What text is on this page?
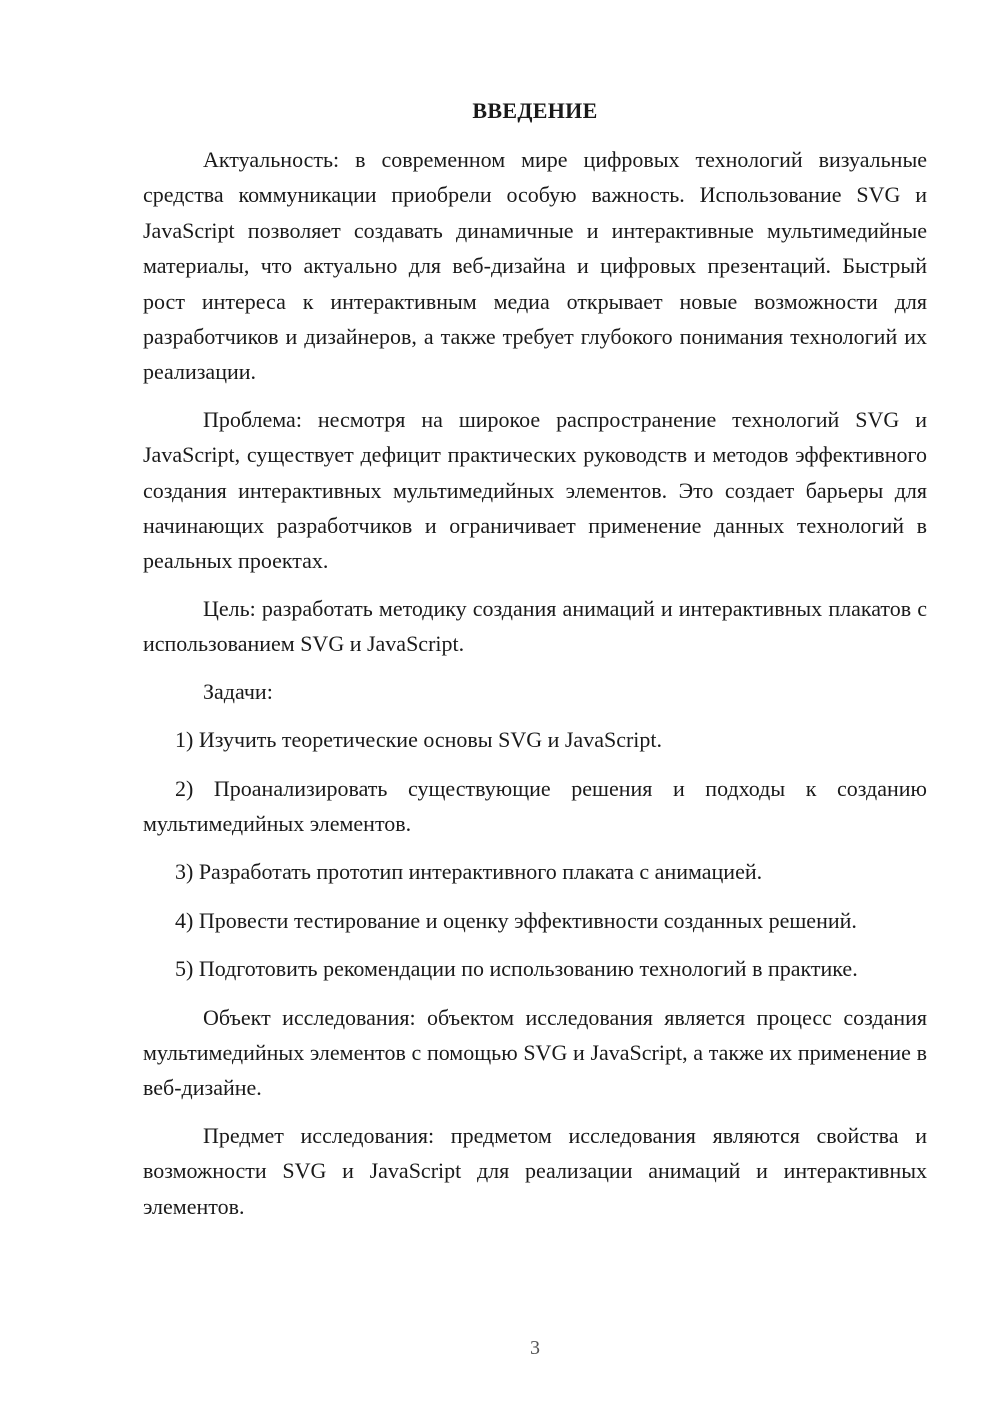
ВВЕДЕНИЕ

Актуальность: в современном мире цифровых технологий визуальные средства коммуникации приобрели особую важность. Использование SVG и JavaScript позволяет создавать динамичные и интерактивные мультимедийные материалы, что актуально для веб-дизайна и цифровых презентаций. Быстрый рост интереса к интерактивным медиа открывает новые возможности для разработчиков и дизайнеров, а также требует глубокого понимания технологий их реализации.

Проблема: несмотря на широкое распространение технологий SVG и JavaScript, существует дефицит практических руководств и методов эффективного создания интерактивных мультимедийных элементов. Это создает барьеры для начинающих разработчиков и ограничивает применение данных технологий в реальных проектах.

Цель: разработать методику создания анимаций и интерактивных плакатов с использованием SVG и JavaScript.

Задачи:

1) Изучить теоретические основы SVG и JavaScript.

2) Проанализировать существующие решения и подходы к созданию мультимедийных элементов.

3) Разработать прототип интерактивного плаката с анимацией.

4) Провести тестирование и оценку эффективности созданных решений.

5) Подготовить рекомендации по использованию технологий в практике.

Объект исследования: объектом исследования является процесс создания мультимедийных элементов с помощью SVG и JavaScript, а также их применение в веб-дизайне.

Предмет исследования: предметом исследования являются свойства и возможности SVG и JavaScript для реализации анимаций и интерактивных элементов.

3
